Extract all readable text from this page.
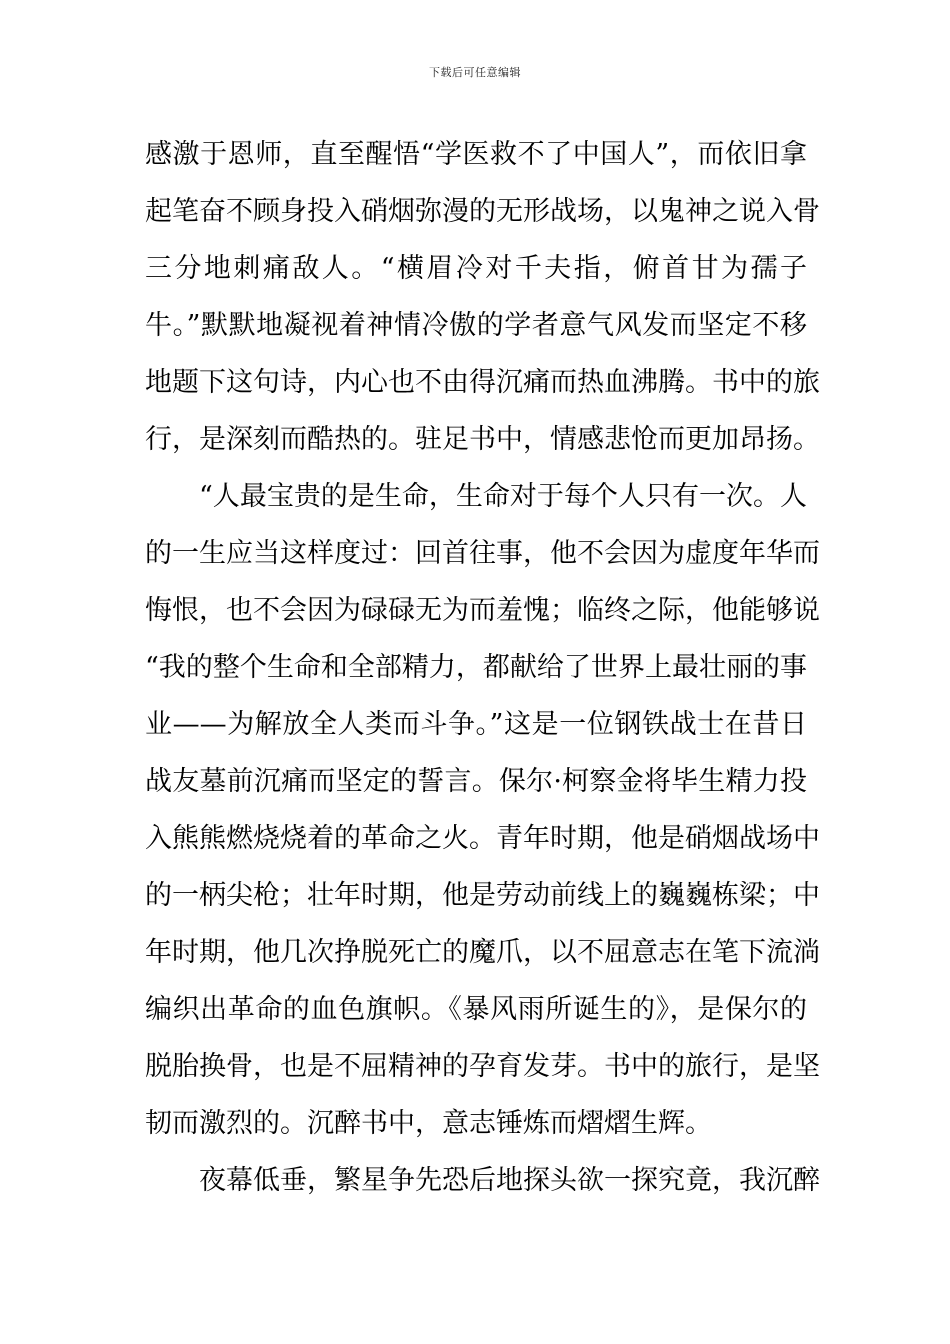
下载后可任意编辑
感激于恩师，直至醒悟“学医救不了中国人”，而依旧拿
起笔奋不顾身投入硝烟弥漫的无形战场，以鬼神之说入骨
三分地刺痛敌人。“横眉冷对千夫指，俯首甘为孺子
牛。”默默地凝视着神情冷傲的学者意气风发而坚定不移
地题下这句诗，内心也不由得沉痛而热血沸腾。书中的旅
行，是深刻而酷热的。驻足书中，情感悲怆而更加昂扬。
“人最宝贵的是生命，生命对于每个人只有一次。人
的一生应当这样度过：回首往事，他不会因为虚度年华而
悔恨，也不会因为碌碌无为而羞愧；临终之际，他能够说
“我的整个生命和全部精力，都献给了世界上最壮丽的事
业——为解放全人类而斗争。”这是一位钢铁战士在昔日
战友墓前沉痛而坚定的誓言。保尔·柯察金将毕生精力投
入熊熊燃烧烧着的革命之火。青年时期，他是硝烟战场中
的一柄尖枪；壮年时期，他是劳动前线上的巍巍栋梁；中
年时期，他几次挣脱死亡的魔爪，以不屈意志在笔下流淌
编织出革命的血色旗帜。《暴风雨所诞生的》，是保尔的
脱胎换骨，也是不屈精神的孕育发芽。书中的旅行，是坚
韧而激烈的。沉醉书中，意志锤炼而熠熠生辉。
夜幕低垂，繁星争先恐后地探头欲一探究竟，我沉醉
